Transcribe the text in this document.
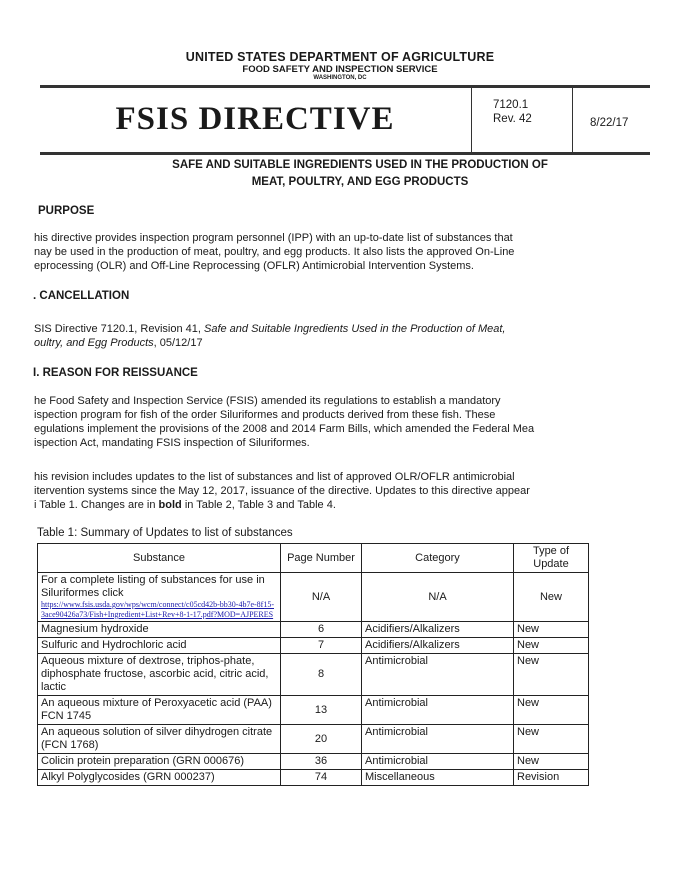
UNITED STATES DEPARTMENT OF AGRICULTURE
FOOD SAFETY AND INSPECTION SERVICE
WASHINGTON, DC
FSIS DIRECTIVE	7120.1
Rev. 42	8/22/17
SAFE AND SUITABLE INGREDIENTS USED IN THE PRODUCTION OF
MEAT, POULTRY, AND EGG PRODUCTS
PURPOSE
his directive provides inspection program personnel (IPP) with an up-to-date list of substances that
nay be used in the production of meat, poultry, and egg products. It also lists the approved On-Line
eprocessing (OLR) and Off-Line Reprocessing (OFLR) Antimicrobial Intervention Systems.
. CANCELLATION
SIS Directive 7120.1, Revision 41, Safe and Suitable Ingredients Used in the Production of Meat,
oultry, and Egg Products, 05/12/17
I. REASON FOR REISSUANCE
he Food Safety and Inspection Service (FSIS) amended its regulations to establish a mandatory
ispection program for fish of the order Siluriformes and products derived from these fish. These
egulations implement the provisions of the 2008 and 2014 Farm Bills, which amended the Federal Mea
ispection Act, mandating FSIS inspection of Siluriformes.
his revision includes updates to the list of substances and list of approved OLR/OFLR antimicrobial
itervention systems since the May 12, 2017, issuance of the directive. Updates to this directive appear
i Table 1. Changes are in bold in Table 2, Table 3 and Table 4.
Table 1: Summary of Updates to list of substances
Substance	Page Number	Category	Type of Update
For a complete listing of substances for use in Siluriformes click
https://www.fsis.usda.gov/wps/wcm/connect/c05cd42b-bb30-4b7e-8f15-3ace90426a73/Fish+Ingredient+List+Rev+8-1-17.pdf?MOD=AJPERES	N/A	N/A	New
Magnesium hydroxide	6	Acidifiers/Alkalizers	New
Sulfuric and Hydrochloric acid	7	Acidifiers/Alkalizers	New
Aqueous mixture of dextrose, triphos-phate, diphosphate fructose, ascorbic acid, citric acid, lactic	8	Antimicrobial	New
An aqueous mixture of Peroxyacetic acid (PAA) FCN 1745	13	Antimicrobial	New
An aqueous solution of silver dihydrogen citrate (FCN 1768)	20	Antimicrobial	New
Colicin protein preparation (GRN 000676)	36	Antimicrobial	New
Alkyl Polyglycosides (GRN 000237)	74	Miscellaneous	Revision
